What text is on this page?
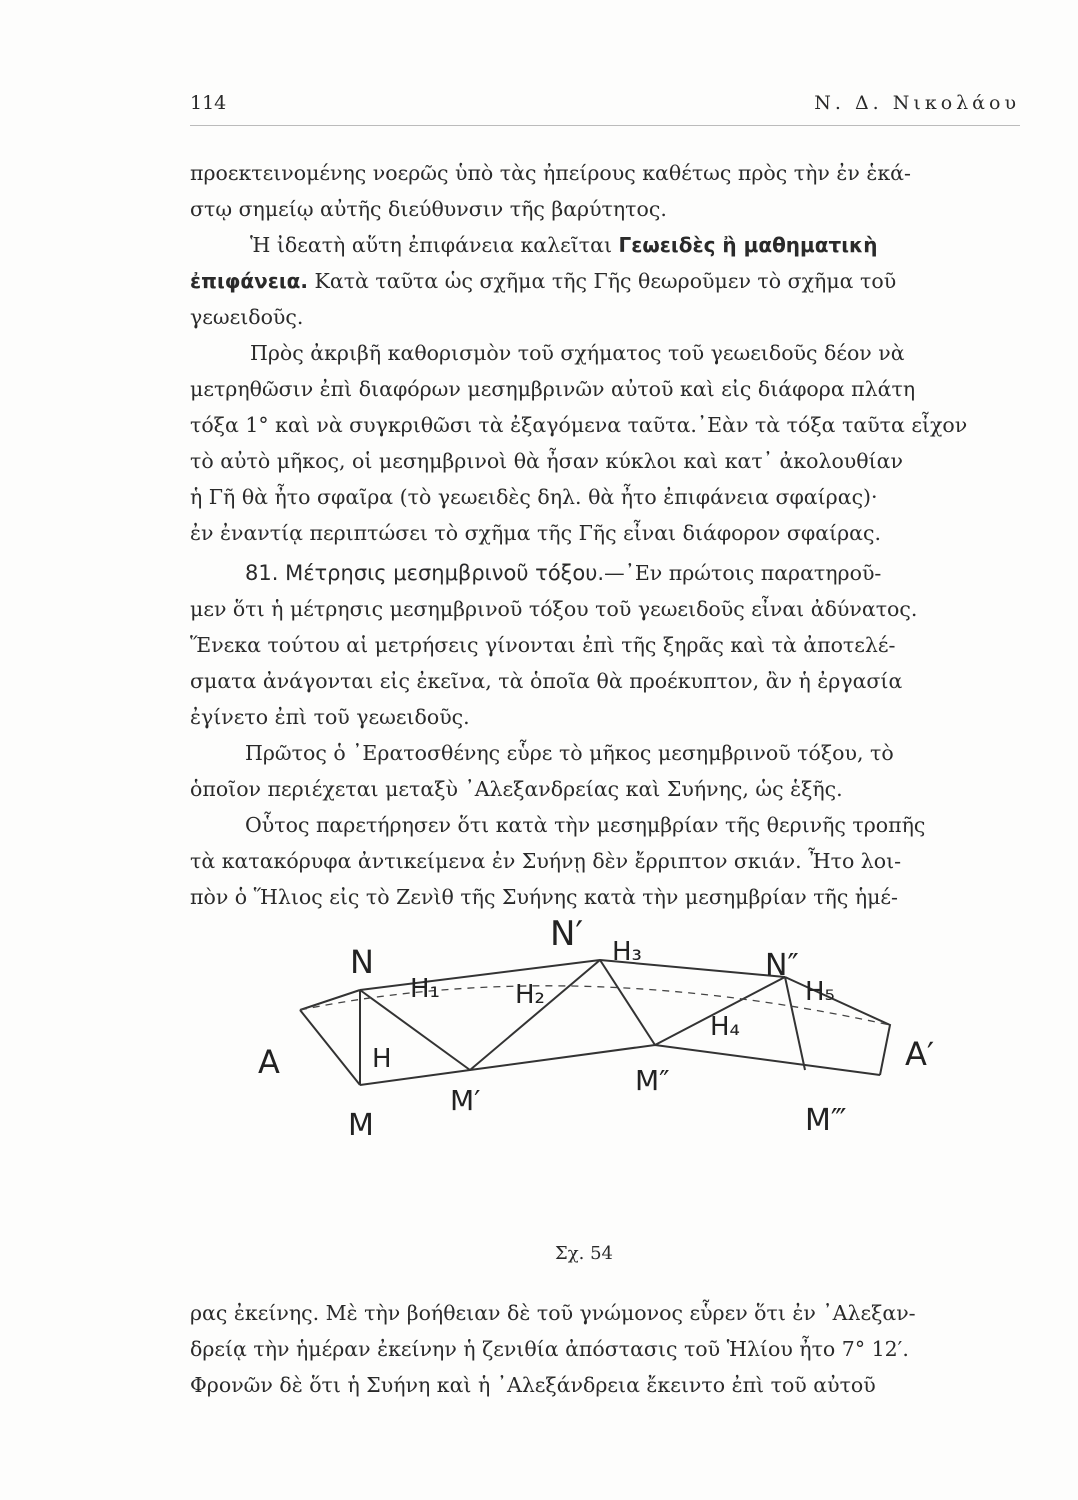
114	Ν. Δ. Νικολάου
προεκτεινομένης νοερῶς ὑπὸ τὰς ἠπείρους καθέτως πρὸς τὴν ἐν ἑκά-
στῳ σημείῳ αὐτῆς διεύθυνσιν τῆς βαρύτητος.
Ἡ ἰδεατὴ αὕτη ἐπιφάνεια καλεῖται Γεωειδὲς ἢ μαθηματικὴ
ἐπιφάνεια. Κατὰ ταῦτα ὡς σχῆμα τῆς Γῆς θεωροῦμεν τὸ σχῆμα τοῦ
γεωειδοῦς.
Πρὸς ἀκριβῆ καθορισμὸν τοῦ σχήματος τοῦ γεωειδοῦς δέον νὰ
μετρηθῶσιν ἐπὶ διαφόρων μεσημβρινῶν αὐτοῦ καὶ εἰς διάφορα πλάτη
τόξα 1° καὶ νὰ συγκριθῶσι τὰ ἐξαγόμενα ταῦτα.᾿Εὰν τὰ τόξα ταῦτα εἶχον
τὸ αὐτὸ μῆκος, οἱ μεσημβρινοὶ θὰ ἦσαν κύκλοι καὶ κατ᾿ ἀκολουθίαν
ἡ Γῆ θὰ ἦτο σφαῖρα (τὸ γεωειδὲς δηλ. θὰ ἦτο ἐπιφάνεια σφαίρας)·
ἐν ἐναντίᾳ περιπτώσει τὸ σχῆμα τῆς Γῆς εἶναι διάφορον σφαίρας.
81. Μέτρησις μεσημβρινοῦ τόξου.—᾿Εν πρώτοις παρατηροῦ-
μεν ὅτι ἡ μέτρησις μεσημβρινοῦ τόξου τοῦ γεωειδοῦς εἶναι ἀδύνατος.
Ἕνεκα τούτου αἱ μετρήσεις γίνονται ἐπὶ τῆς ξηρᾶς καὶ τὰ ἀποτελέ-
σματα ἀνάγονται εἰς ἐκεῖνα, τὰ ὁποῖα θὰ προέκυπτον, ἂν ἡ ἐργασία
ἐγίνετο ἐπὶ τοῦ γεωειδοῦς.
Πρῶτος ὁ ᾿Ερατοσθένης εὗρε τὸ μῆκος μεσημβρινοῦ τόξου, τὸ
ὁποῖον περιέχεται μεταξὺ ᾿Αλεξανδρείας καὶ Συήνης, ὡς ἑξῆς.
Οὗτος παρετήρησεν ὅτι κατὰ τὴν μεσημβρίαν τῆς θερινῆς τροπῆς
τὰ κατακόρυφα ἀντικείμενα ἐν Συήνῃ δὲν ἔρριπτον σκιάν. Ἦτο λοι-
πὸν ὁ Ἥλιος εἰς τὸ Ζενὶθ τῆς Συήνης κατὰ τὴν μεσημβρίαν τῆς ἡμέ-
N
N′
N″
A	A′
M
M′
M″
M‴
H
H₁	H₂
H₃
H₄
H₅
Σχ. 54
ρας ἐκείνης. Μὲ τὴν βοήθειαν δὲ τοῦ γνώμονος εὗρεν ὅτι ἐν ᾿Αλεξαν-
δρείᾳ τὴν ἡμέραν ἐκείνην ἡ ζενιθία ἀπόστασις τοῦ Ἡλίου ἦτο 7° 12′.
Φρονῶν δὲ ὅτι ἡ Συήνη καὶ ἡ ᾿Αλεξάνδρεια ἔκειντο ἐπὶ τοῦ αὐτοῦ
